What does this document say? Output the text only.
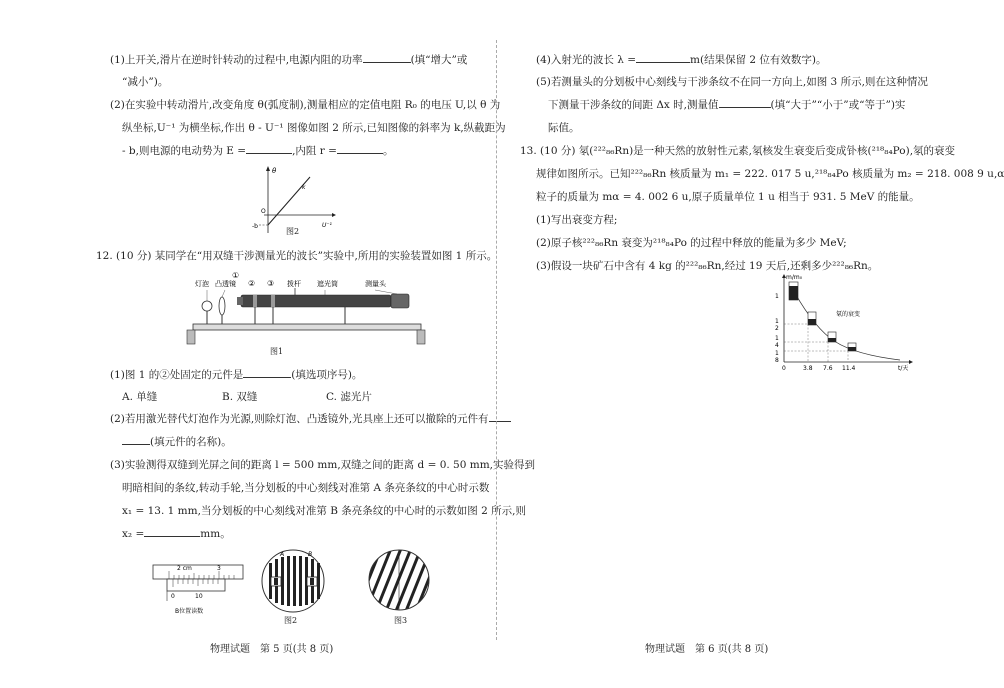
(1)上开关,滑片在逆时针转动的过程中,电源内阻的功率	(填“增大”或
“减小”)。
(2)在实验中转动滑片,改变角度 θ(弧度制),测量相应的定值电阻 R₀ 的电压 U,以 θ 为
纵坐标,U⁻¹ 为横坐标,作出 θ - U⁻¹ 图像如图 2 所示,已知图像的斜率为 k,纵截距为
- b,则电源的电动势为 E =	,内阻 r =	。
θ
U⁻¹
k
-b
O
图2
12. (10 分) 某同学在“用双缝干涉测量光的波长”实验中,所用的实验装置如图 1 所示。
灯泡 凸透镜
①
② ③ 拨杆 遮光筒	测量头
图1
(1)图 1 的②处固定的元件是	(填选项序号)。
A. 单缝	B. 双缝	C. 滤光片
(2)若用激光替代灯泡作为光源,则除灯泡、凸透镜外,光具座上还可以撤除的元件有
(填元件的名称)。
(3)实验测得双缝到光屏之间的距离 l = 500 mm,双缝之间的距离 d = 0. 50 mm,实验得到
明暗相间的条纹,转动手轮,当分划板的中心刻线对准第 A 条亮条纹的中心时示数
x₁ = 13. 1 mm,当分划板的中心刻线对准第 B 条亮条纹的中心时的示数如图 2 所示,则
x₂ =	mm。
2 cm	3
0	10
B位置读数
A	B
图2	图3
物理试题　第 5 页(共 8 页)
(4)入射光的波长 λ =	m(结果保留 2 位有效数字)。
(5)若测量头的分划板中心刻线与干涉条纹不在同一方向上,如图 3 所示,则在这种情况
下测量干涉条纹的间距 Δx 时,测量值	(填“大于”“小于”或“等于”)实
际值。
13. (10 分) 氡(²²²₈₆Rn)是一种天然的放射性元素,氡核发生衰变后变成钋核(²¹⁸₈₄Po),氡的衰变
规律如图所示。已知²²²₈₆Rn 核质量为 m₁ = 222. 017 5 u,²¹⁸₈₄Po 核质量为 m₂ = 218. 008 9 u,α
粒子的质量为 mα = 4. 002 6 u,原子质量单位 1 u 相当于 931. 5 MeV 的能量。
(1)写出衰变方程;
(2)原子核²²²₈₆Rn 衰变为²¹⁸₈₄Po 的过程中释放的能量为多少 MeV;
(3)假设一块矿石中含有 4 kg 的²²²₈₆Rn,经过 19 天后,还剩多少²²²₈₆Rn。
m/m₀
t/天
氡的衰变
1
1
2
1
4
1
8
0	3.8 7.6 11.4
物理试题　第 6 页(共 8 页)
